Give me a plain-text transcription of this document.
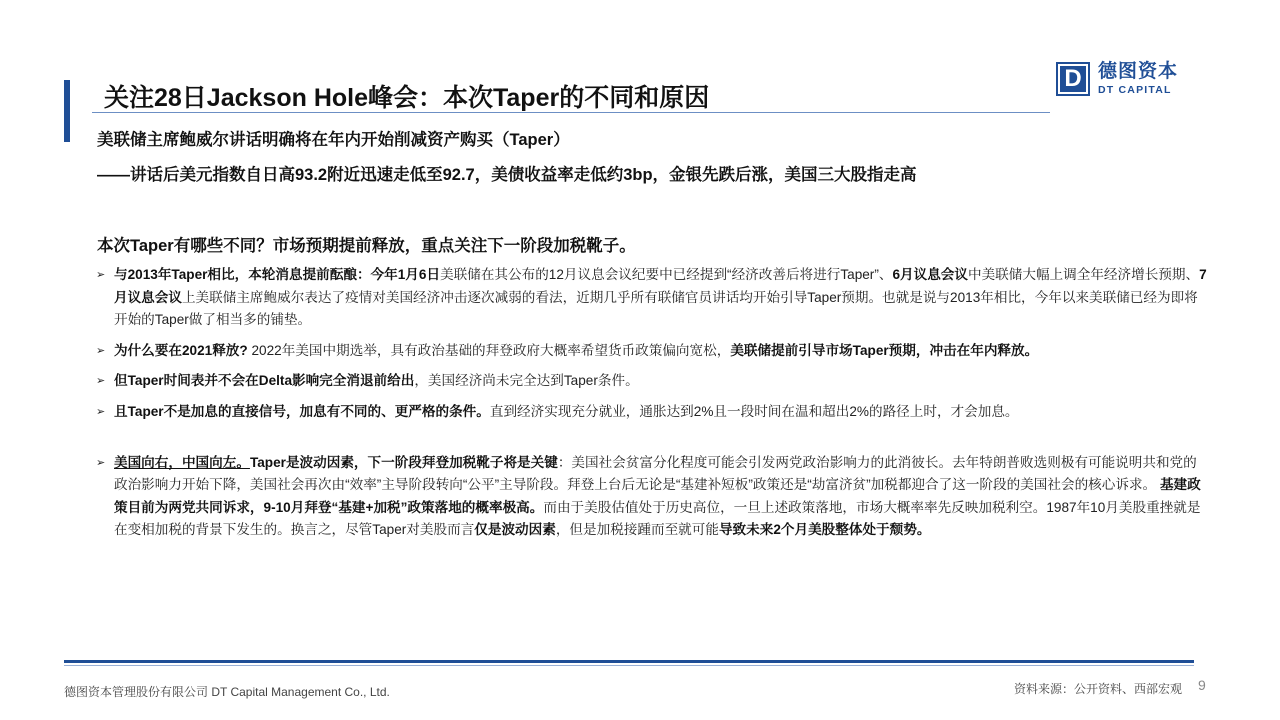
关注28日Jackson Hole峰会：本次Taper的不同和原因
D 德图资本
DT CAPITAL
美联储主席鲍威尔讲话明确将在年内开始削减资产购买（Taper）
——讲话后美元指数自日高93.2附近迅速走低至92.7，美债收益率走低约3bp，金银先跌后涨，美国三大股指走高
本次Taper有哪些不同？市场预期提前释放，重点关注下一阶段加税靴子。
➢ 与2013年Taper相比，本轮消息提前酝酿：今年1月6日美联储在其公布的12月议息会议纪要中已经提到“经济改善后将进行Taper”、6月议息会议中美联储大幅上调全年经济增长预期、7月议息会议上美联储主席鲍威尔表达了疫情对美国经济冲击逐次减弱的看法，近期几乎所有联储官员讲话均开始引导Taper预期。也就是说与2013年相比，今年以来美联储已经为即将开始的Taper做了相当多的铺垫。
➢ 为什么要在2021释放? 2022年美国中期选举，具有政治基础的拜登政府大概率希望货币政策偏向宽松，美联储提前引导市场Taper预期，冲击在年内释放。
➢ 但Taper时间表并不会在Delta影响完全消退前给出，美国经济尚未完全达到Taper条件。
➢ 且Taper不是加息的直接信号，加息有不同的、更严格的条件。直到经济实现充分就业，通胀达到2%且一段时间在温和超出2%的路径上时，才会加息。
➢ 美国向右，中国向左。Taper是波动因素，下一阶段拜登加税靴子将是关键：美国社会贫富分化程度可能会引发两党政治影响力的此消彼长。去年特朗普败选则极有可能说明共和党的政治影响力开始下降，美国社会再次由“效率”主导阶段转向“公平”主导阶段。拜登上台后无论是“基建补短板”政策还是“劫富济贫”加税都迎合了这一阶段的美国社会的核心诉求。 基建政策目前为两党共同诉求，9-10月拜登“基建+加税”政策落地的概率极高。而由于美股估值处于历史高位，一旦上述政策落地，市场大概率率先反映加税利空。1987年10月美股重挫就是在变相加税的背景下发生的。换言之，尽管Taper对美股而言仅是波动因素，但是加税接踵而至就可能导致未来2个月美股整体处于颓势。
德图资本管理股份有限公司 DT Capital Management Co., Ltd.	资料来源：公开资料、西部宏观 9
